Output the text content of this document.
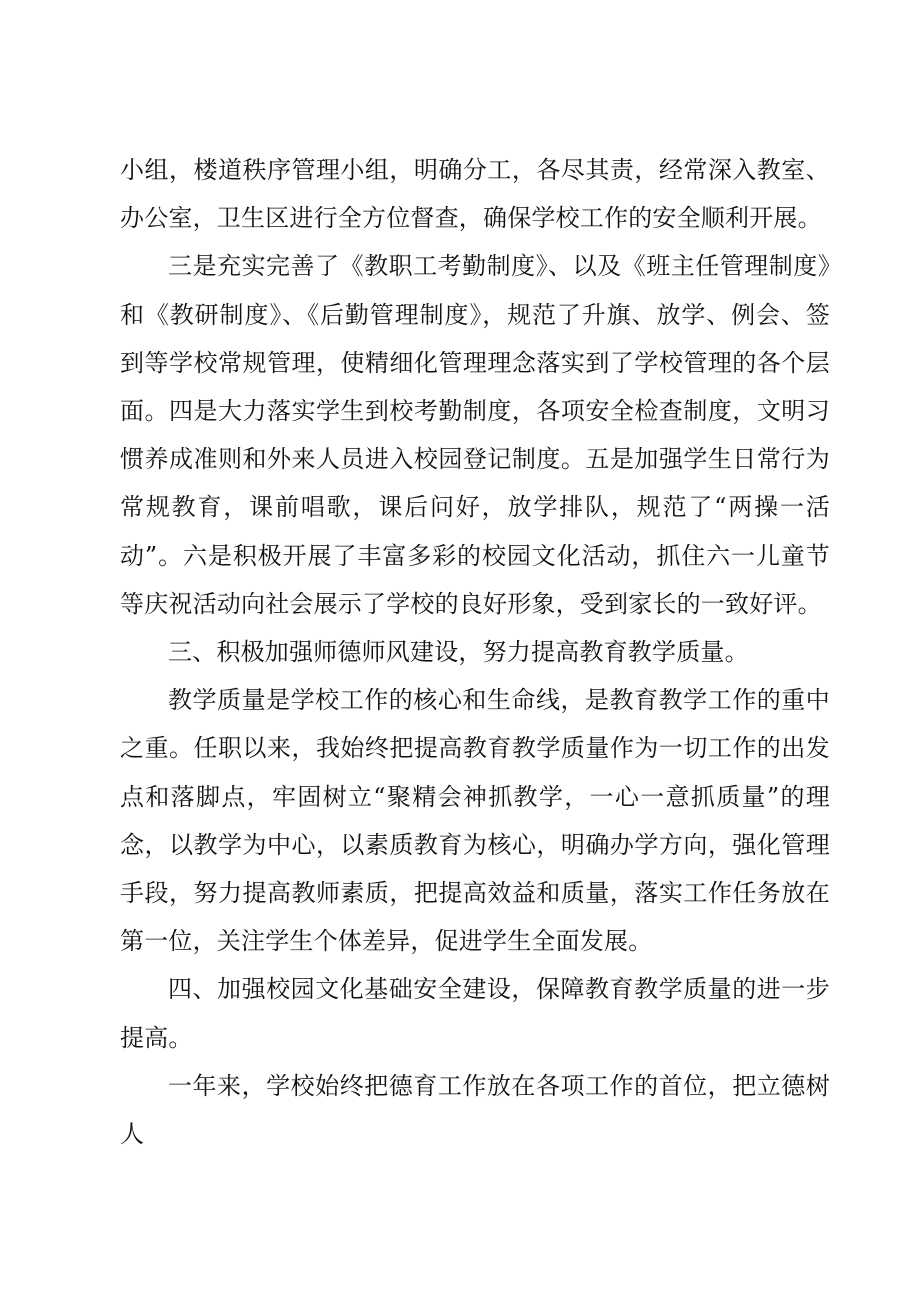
小组，楼道秩序管理小组，明确分工，各尽其责，经常深入教室、办公室，卫生区进行全方位督查，确保学校工作的安全顺利开展。

三是充实完善了《教职工考勤制度》、以及《班主任管理制度》和《教研制度》、《后勤管理制度》，规范了升旗、放学、例会、签到等学校常规管理，使精细化管理理念落实到了学校管理的各个层面。四是大力落实学生到校考勤制度，各项安全检查制度，文明习惯养成准则和外来人员进入校园登记制度。五是加强学生日常行为常规教育，课前唱歌，课后问好，放学排队，规范了“两操一活动”。六是积极开展了丰富多彩的校园文化活动，抓住六一儿童节等庆祝活动向社会展示了学校的良好形象，受到家长的一致好评。

三、积极加强师德师风建设，努力提高教育教学质量。

教学质量是学校工作的核心和生命线，是教育教学工作的重中之重。任职以来，我始终把提高教育教学质量作为一切工作的出发点和落脚点，牢固树立“聚精会神抓教学，一心一意抓质量”的理念，以教学为中心，以素质教育为核心，明确办学方向，强化管理手段，努力提高教师素质，把提高效益和质量，落实工作任务放在第一位，关注学生个体差异，促进学生全面发展。

四、加强校园文化基础安全建设，保障教育教学质量的进一步提高。

一年来，学校始终把德育工作放在各项工作的首位，把立德树人
